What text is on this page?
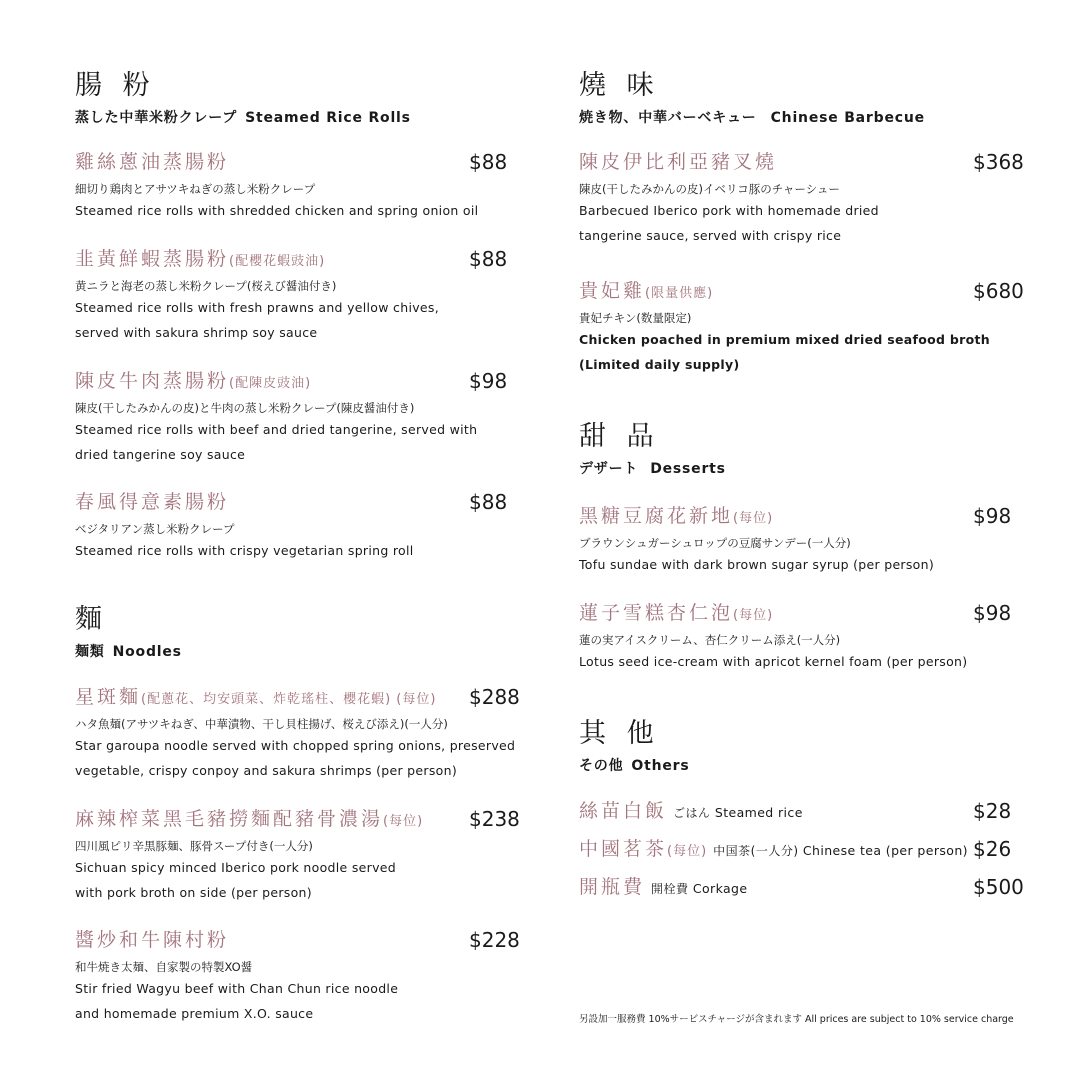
腸 粉
蒸した中華米粉クレープ Steamed Rice Rolls
雞絲蔥油蒸腸粉	$88
細切り鶏肉とアサツキねぎの蒸し米粉クレープ
Steamed rice rolls with shredded chicken and spring onion oil
韭黃鮮蝦蒸腸粉(配櫻花蝦豉油)	$88
黄ニラと海老の蒸し米粉クレープ(桜えび醤油付き)
Steamed rice rolls with fresh prawns and yellow chives,
served with sakura shrimp soy sauce
陳皮牛肉蒸腸粉(配陳皮豉油)	$98
陳皮(干したみかんの皮)と牛肉の蒸し米粉クレープ(陳皮醤油付き)
Steamed rice rolls with beef and dried tangerine, served with
dried tangerine soy sauce
春風得意素腸粉	$88
ベジタリアン蒸し米粉クレープ
Steamed rice rolls with crispy vegetarian spring roll
麵
麺類 Noodles
星斑麵(配蔥花、均安頭菜、炸乾瑤柱、櫻花蝦) (每位) $288
ハタ魚麺(アサツキねぎ、中華漬物、干し貝柱揚げ、桜えび添え)(一人分)
Star garoupa noodle served with chopped spring onions, preserved
vegetable, crispy conpoy and sakura shrimps (per person)
麻辣榨菜黑毛豬撈麵配豬骨濃湯(每位) $238
四川風ピリ辛黒豚麺、豚骨スープ付き(一人分)
Sichuan spicy minced Iberico pork noodle served
with pork broth on side (per person)
醬炒和牛陳村粉	$228
和牛焼き太麺、自家製の特製XO醤
Stir fried Wagyu beef with Chan Chun rice noodle
and homemade premium X.O. sauce
燒 味
焼き物、中華バーベキュー Chinese Barbecue
陳皮伊比利亞豬叉燒	$368
陳皮(干したみかんの皮)イベリコ豚のチャーシュー
Barbecued Iberico pork with homemade dried
tangerine sauce, served with crispy rice
貴妃雞(限量供應)	$680
貴妃チキン(数量限定)
Chicken poached in premium mixed dried seafood broth
(Limited daily supply)
甜 品
デザート Desserts
黑糖豆腐花新地(每位)	$98
ブラウンシュガーシュロップの豆腐サンデー(一人分)
Tofu sundae with dark brown sugar syrup (per person)
蓮子雪糕杏仁泡(每位)	$98
蓮の実アイスクリーム、杏仁クリーム添え(一人分)
Lotus seed ice-cream with apricot kernel foam (per person)
其 他
その他 Others
絲苗白飯 ごはん Steamed rice	$28
中國茗茶(每位) 中国茶(一人分) Chinese tea (per person) $26
開瓶費 開栓費 Corkage	$500
另設加一服務費 10%サービスチャージが含まれます All prices are subject to 10% service charge
